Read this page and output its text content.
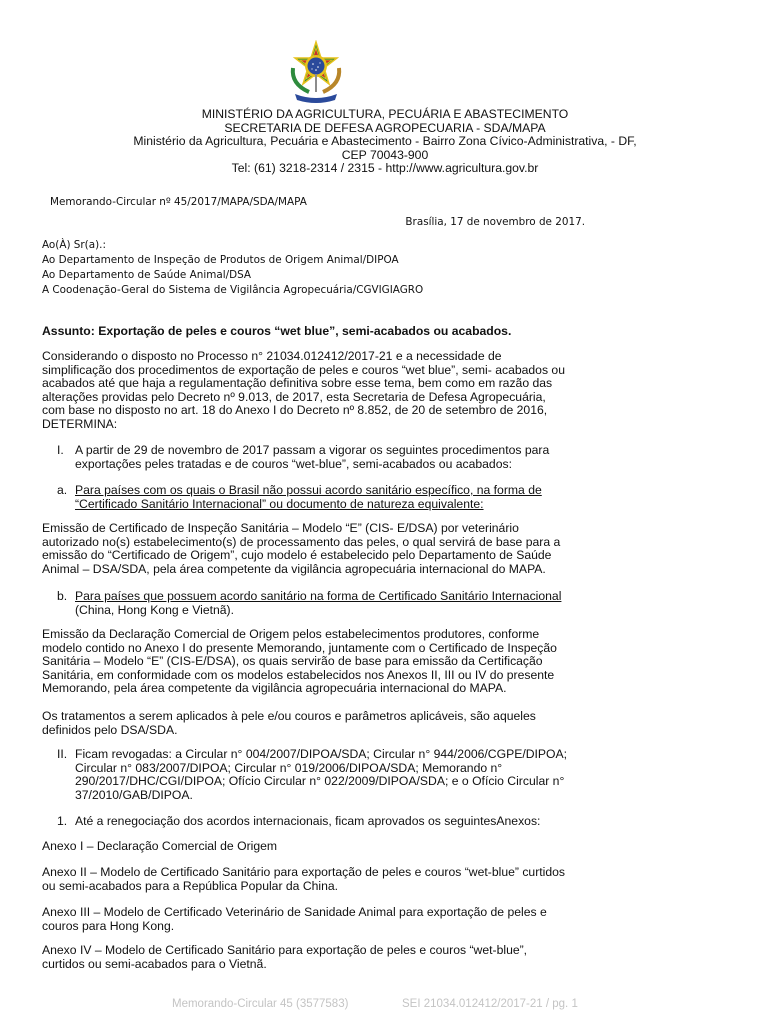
MINISTÉRIO DA AGRICULTURA, PECUÁRIA E ABASTECIMENTO
SECRETARIA DE DEFESA AGROPECUARIA - SDA/MAPA
Ministério da Agricultura, Pecuária e Abastecimento - Bairro Zona Cívico-Administrativa, - DF,
CEP 70043-900
Tel: (61) 3218-2314 / 2315 - http://www.agricultura.gov.br
Memorando-Circular nº 45/2017/MAPA/SDA/MAPA
Brasília, 17 de novembro de 2017.
Ao(À) Sr(a).:
Ao Departamento de Inspeção de Produtos de Origem Animal/DIPOA
Ao Departamento de Saúde Animal/DSA
A Coodenação-Geral do Sistema de Vigilância Agropecuária/CGVIGIAGRO
Assunto: Exportação de peles e couros “wet blue”, semi-acabados ou acabados.
Considerando o disposto no Processo n° 21034.012412/2017-21 e a necessidade de
simplificação dos procedimentos de exportação de peles e couros “wet blue”, semi- acabados ou
acabados até que haja a regulamentação definitiva sobre esse tema, bem como em razão das
alterações providas pelo Decreto nº 9.013, de 2017, esta Secretaria de Defesa Agropecuária,
com base no disposto no art. 18 do Anexo I do Decreto nº 8.852, de 20 de setembro de 2016,
DETERMINA:
I. A partir de 29 de novembro de 2017 passam a vigorar os seguintes procedimentos para
exportações peles tratadas e de couros “wet-blue”, semi-acabados ou acabados:
a. Para países com os quais o Brasil não possui acordo sanitário específico, na forma de
“Certificado Sanitário Internacional” ou documento de natureza equivalente:
Emissão de Certificado de Inspeção Sanitária – Modelo “E” (CIS- E/DSA) por veterinário
autorizado no(s) estabelecimento(s) de processamento das peles, o qual servirá de base para a
emissão do “Certificado de Origem”, cujo modelo é estabelecido pelo Departamento de Saúde
Animal – DSA/SDA, pela área competente da vigilância agropecuária internacional do MAPA.
b. Para países que possuem acordo sanitário na forma de Certificado Sanitário Internacional
(China, Hong Kong e Vietnã).
Emissão da Declaração Comercial de Origem pelos estabelecimentos produtores, conforme
modelo contido no Anexo I do presente Memorando, juntamente com o Certificado de Inspeção
Sanitária – Modelo “E” (CIS-E/DSA), os quais servirão de base para emissão da Certificação
Sanitária, em conformidade com os modelos estabelecidos nos Anexos II, III ou IV do presente
Memorando, pela área competente da vigilância agropecuária internacional do MAPA.
Os tratamentos a serem aplicados à pele e/ou couros e parâmetros aplicáveis, são aqueles
definidos pelo DSA/SDA.
II. Ficam revogadas: a Circular n° 004/2007/DIPOA/SDA; Circular n° 944/2006/CGPE/DIPOA;
Circular n° 083/2007/DIPOA; Circular n° 019/2006/DIPOA/SDA; Memorando n°
290/2017/DHC/CGI/DIPOA; Ofício Circular n° 022/2009/DIPOA/SDA; e o Ofício Circular n°
37/2010/GAB/DIPOA.
1. Até a renegociação dos acordos internacionais, ficam aprovados os seguintesAnexos:
Anexo I – Declaração Comercial de Origem
Anexo II – Modelo de Certificado Sanitário para exportação de peles e couros “wet-blue” curtidos
ou semi-acabados para a República Popular da China.
Anexo III – Modelo de Certificado Veterinário de Sanidade Animal para exportação de peles e
couros para Hong Kong.
Anexo IV – Modelo de Certificado Sanitário para exportação de peles e couros “wet-blue”,
curtidos ou semi-acabados para o Vietnã.
Memorando-Circular 45 (3577583)	SEI 21034.012412/2017-21 / pg. 1
